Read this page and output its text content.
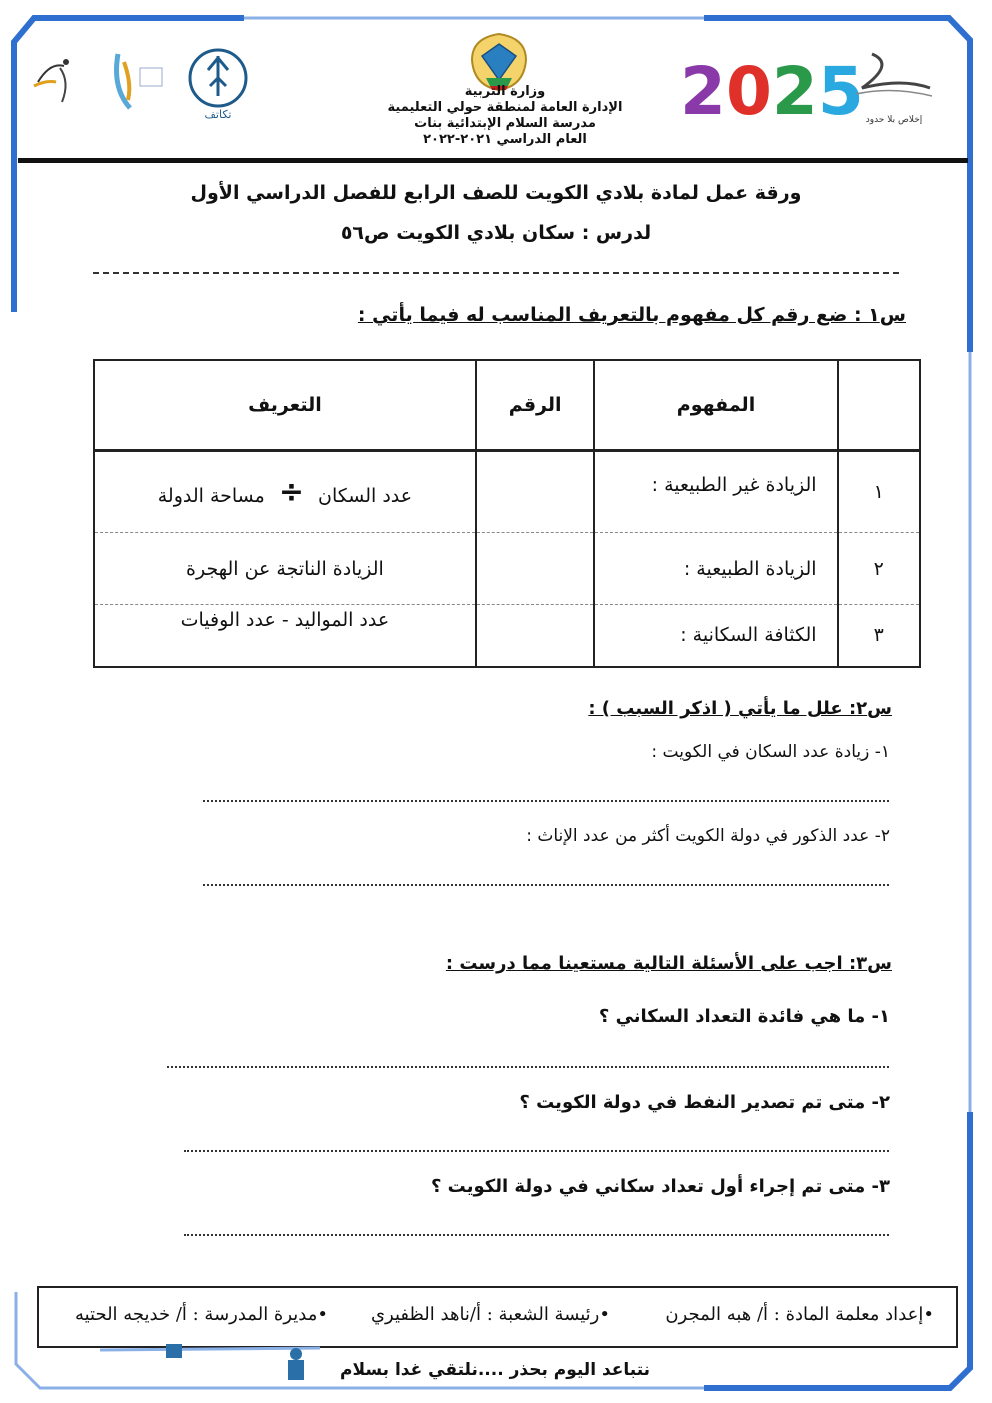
تكاتف
وزارة التربية
الإدارة العامة لمنطقة حولي التعليمية
مدرسة السلام الإبتدائية بنات
العام الدراسي ٢٠٢١-٢٠٢٢
2025 إخلاص بلا حدود
ورقة عمل لمادة بلادي الكويت للصف الرابع للفصل الدراسي الأول
لدرس : سكان بلادي الكويت ص٥٦
س١ : ضع رقم كل مفهوم بالتعريف المناسب له فيما يأتي :
التعريف	الرقم	المفهوم	
عدد السكان ÷ مساحة الدولة		الزيادة غير الطبيعية :	١
الزيادة الناتجة عن الهجرة		الزيادة الطبيعية :	٢
عدد المواليد - عدد الوفيات		الكثافة السكانية :	٣
س٢: علل ما يأتي ( اذكر السبب ) :
١- زيادة عدد السكان في الكويت :
٢- عدد الذكور في دولة الكويت أكثر من عدد الإناث :
س٣: اجب على الأسئلة التالية مستعينا مما درست :
١- ما هي فائدة التعداد السكاني ؟
٢- متى تم تصدير النفط في دولة الكويت ؟
٣- متى تم إجراء أول تعداد سكاني في دولة الكويت ؟
•إعداد معلمة المادة : أ/ هبه المجرن
•رئيسة الشعبة : أ/ناهد الظفيري
•مديرة المدرسة : أ/ خديجه الحتيه
نتباعد اليوم بحذر ....نلتقي غدا بسلام
